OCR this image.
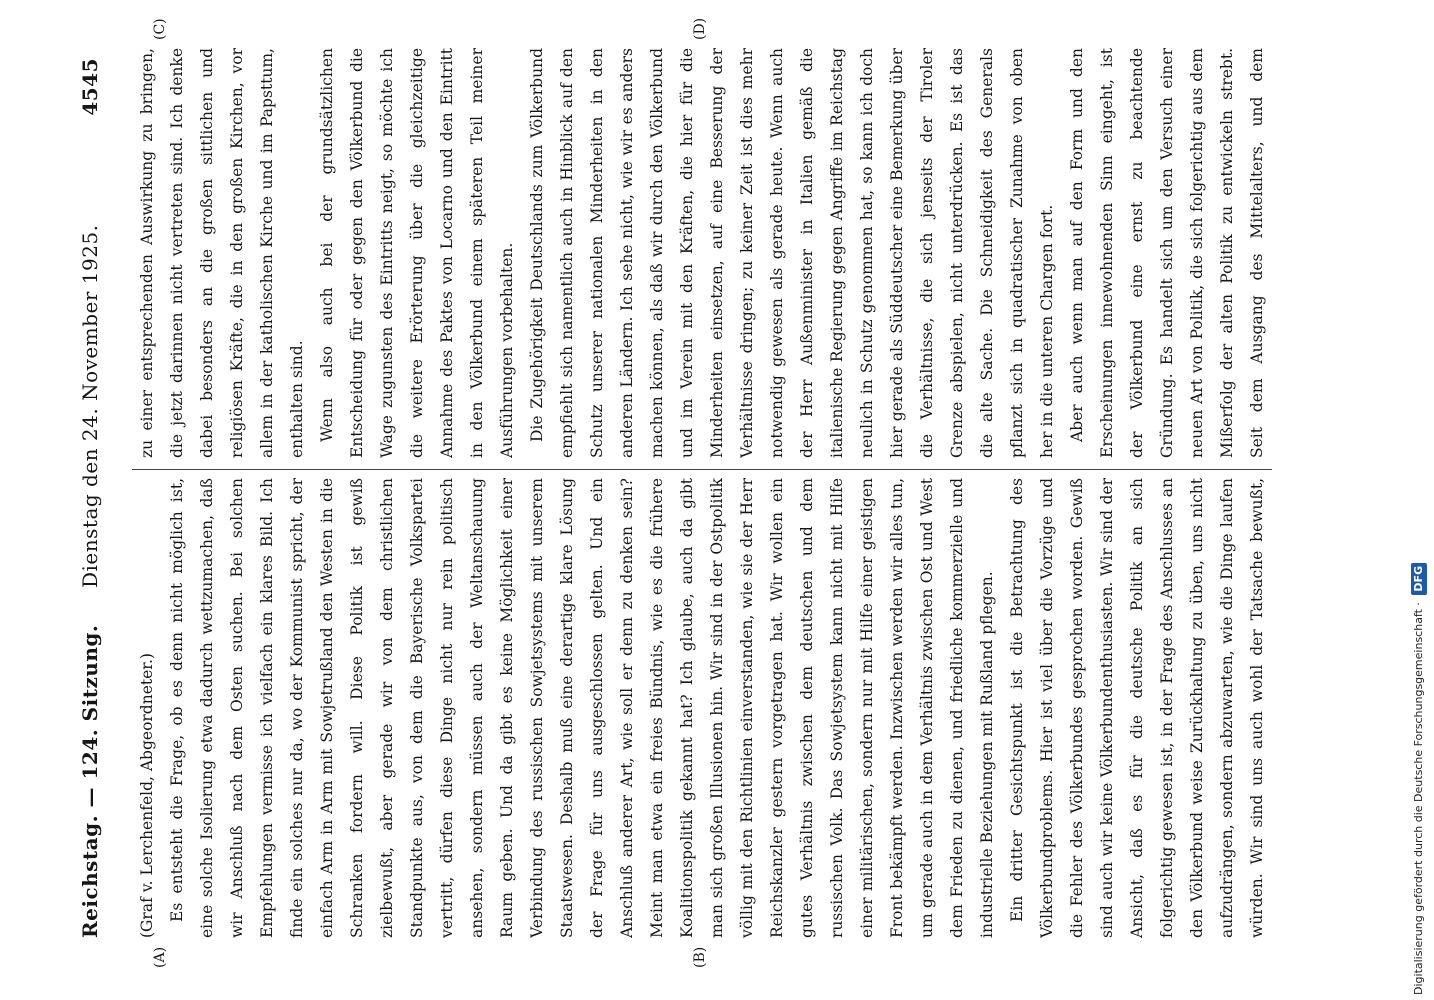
Reichstag. — 124. Sitzung.
Dienstag den 24. November 1925.
4545
(A)	(B)
(C)	(D)

(Graf v. Lerchenfeld, Abgeordneter.) Es entsteht die Frage, ob es denn nicht möglich ist, eine solche Isolierung etwa dadurch wettzumachen, daß wir Anschluß nach dem Osten suchen. Bei solchen Empfehlungen vermisse ich vielfach ein klares Bild. Ich finde ein solches nur da, wo der Kommunist spricht, der einfach Arm in Arm mit Sowjetrußland den Westen in die Schranken fordern will. Diese Politik ist gewiß zielbewußt, aber gerade wir von dem christlichen Standpunkte aus, von dem die Bayerische Volkspartei vertritt, dürfen diese Dinge nicht nur rein politisch ansehen, sondern müssen auch der Weltanschauung Raum geben. Und da gibt es keine Möglichkeit einer Verbindung des russischen Sowjetsystems mit unserem Staatswesen. Deshalb muß eine derartige klare Lösung der Frage für uns ausgeschlossen gelten. Und ein Anschluß anderer Art, wie soll er denn zu denken sein? Meint man etwa ein freies Bündnis, wie es die frühere Koalitionspolitik gekannt hat? Ich glaube, auch da gibt man sich großen Illusionen hin. Wir sind in der Ostpolitik völlig mit den Richtlinien einverstanden, wie sie der Herr Reichskanzler gestern vorgetragen hat. Wir wollen ein gutes Verhältnis zwischen dem deutschen und dem russischen Volk. Das Sowjetsystem kann nicht mit Hilfe einer militärischen, sondern nur mit Hilfe einer geistigen Front bekämpft werden. Inzwischen werden wir alles tun, um gerade auch in dem Verhältnis zwischen Ost und West dem Frieden zu dienen, und friedliche kommerzielle und industrielle Beziehungen mit Rußland pflegen. Ein dritter Gesichtspunkt ist die Betrachtung des Völkerbundproblems. Hier ist viel über die Vorzüge und die Fehler des Völkerbundes gesprochen worden. Gewiß sind auch wir keine Völkerbundenthusiasten. Wir sind der Ansicht, daß es für die deutsche Politik an sich folgerichtig gewesen ist, in der Frage des Anschlusses an den Völkerbund weise Zurückhaltung zu üben, uns nicht aufzudrängen, sondern abzuwarten, wie die Dinge laufen würden. Wir sind uns auch wohl der Tatsache bewußt,

zu einer entsprechenden Auswirkung zu bringen, die jetzt darinnen nicht vertreten sind. Ich denke dabei besonders an die großen sittlichen und religiösen Kräfte, die in den großen Kirchen, vor allem in der katholischen Kirche und im Papsttum, enthalten sind. Wenn also auch bei der grundsätzlichen Entscheidung für oder gegen den Völkerbund die Wage zugunsten des Eintritts neigt, so möchte ich die weitere Erörterung über die gleichzeitige Annahme des Paktes von Locarno und den Eintritt in den Völkerbund einem späteren Teil meiner Ausführungen vorbehalten. Die Zugehörigkeit Deutschlands zum Völkerbund empfiehlt sich namentlich auch in Hinblick auf den Schutz unserer nationalen Minderheiten in den anderen Ländern. Ich sehe nicht, wie wir es anders machen können, als daß wir durch den Völkerbund und im Verein mit den Kräften, die hier für die Minderheiten einsetzen, auf eine Besserung der Verhältnisse dringen; zu keiner Zeit ist dies mehr notwendig gewesen als gerade heute. Wenn auch der Herr Außenminister in Italien gemäß die italienische Regierung gegen Angriffe im Reichstag neulich in Schutz genommen hat, so kann ich doch hier gerade als Süddeutscher eine Bemerkung über die Verhältnisse, die sich jenseits der Tiroler Grenze abspielen, nicht unterdrücken. Es ist das die alte Sache. Die Schneidigkeit des Generals pflanzt sich in quadratischer Zunahme von oben her in die unteren Chargen fort. Aber auch wenn man auf den Form und den Erscheinungen innewohnenden Sinn eingeht, ist der Völkerbund eine ernst zu beachtende Gründung. Es handelt sich um den Versuch einer neuen Art von Politik, die sich folgerichtig aus dem Mißerfolg der alten Politik zu entwickeln strebt. Seit dem Ausgang des Mittelalters, und dem

Digitalisierung gefördert durch die Deutsche Forschungsgemeinschaft · DFG
